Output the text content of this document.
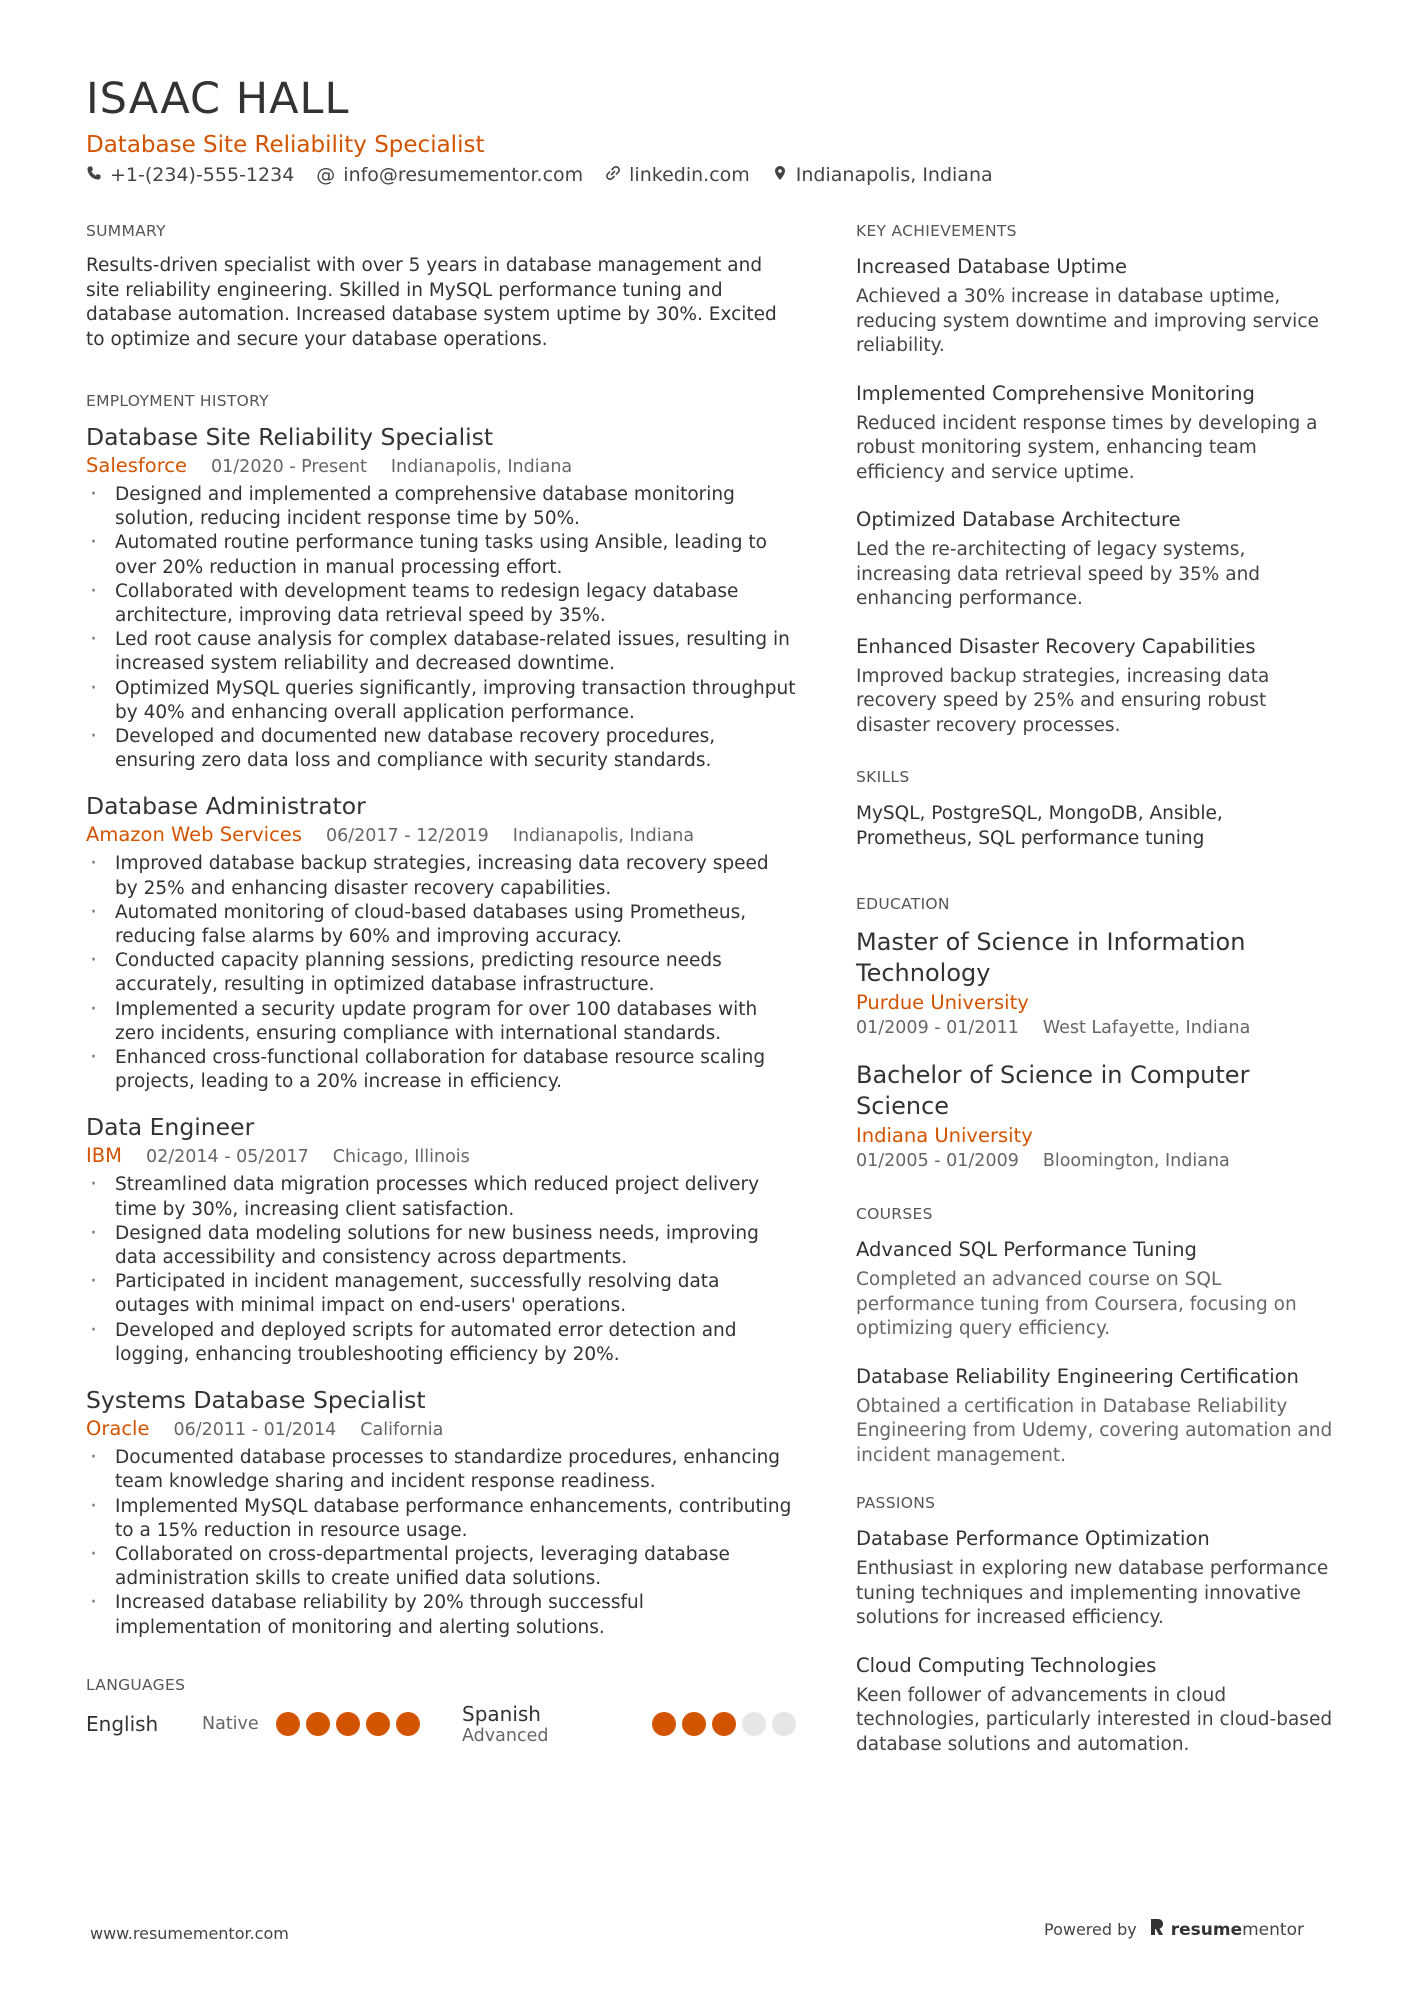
ISAAC HALL
Database Site Reliability Specialist
+1-(234)-555-1234 @ info@resumementor.com linkedin.com Indianapolis, Indiana
SUMMARY

Results-driven specialist with over 5 years in database management and site reliability engineering. Skilled in MySQL performance tuning and database automation. Increased database system uptime by 30%. Excited to optimize and secure your database operations.

EMPLOYMENT HISTORY
Database Site Reliability Specialist
Salesforce 01/2020 - Present Indianapolis, Indiana
· Designed and implemented a comprehensive database monitoring solution, reducing incident response time by 50%.
· Automated routine performance tuning tasks using Ansible, leading to over 20% reduction in manual processing effort.
· Collaborated with development teams to redesign legacy database architecture, improving data retrieval speed by 35%.
· Led root cause analysis for complex database-related issues, resulting in increased system reliability and decreased downtime.
· Optimized MySQL queries significantly, improving transaction throughput by 40% and enhancing overall application performance.
· Developed and documented new database recovery procedures, ensuring zero data loss and compliance with security standards.
Database Administrator
Amazon Web Services 06/2017 - 12/2019 Indianapolis, Indiana
· Improved database backup strategies, increasing data recovery speed by 25% and enhancing disaster recovery capabilities.
· Automated monitoring of cloud-based databases using Prometheus, reducing false alarms by 60% and improving accuracy.
· Conducted capacity planning sessions, predicting resource needs accurately, resulting in optimized database infrastructure.
· Implemented a security update program for over 100 databases with zero incidents, ensuring compliance with international standards.
· Enhanced cross-functional collaboration for database resource scaling projects, leading to a 20% increase in efficiency.
Data Engineer
IBM 02/2014 - 05/2017 Chicago, Illinois
· Streamlined data migration processes which reduced project delivery time by 30%, increasing client satisfaction.
· Designed data modeling solutions for new business needs, improving data accessibility and consistency across departments.
· Participated in incident management, successfully resolving data outages with minimal impact on end-users' operations.
· Developed and deployed scripts for automated error detection and logging, enhancing troubleshooting efficiency by 20%.
Systems Database Specialist
Oracle 06/2011 - 01/2014 California
· Documented database processes to standardize procedures, enhancing team knowledge sharing and incident response readiness.
· Implemented MySQL database performance enhancements, contributing to a 15% reduction in resource usage.
· Collaborated on cross-departmental projects, leveraging database administration skills to create unified data solutions.
· Increased database reliability by 20% through successful implementation of monitoring and alerting solutions.
LANGUAGES
English	Native	Spanish
Advanced
KEY ACHIEVEMENTS
Increased Database Uptime
Achieved a 30% increase in database uptime, reducing system downtime and improving service reliability.
Implemented Comprehensive Monitoring
Reduced incident response times by developing a robust monitoring system, enhancing team efficiency and service uptime.
Optimized Database Architecture
Led the re-architecting of legacy systems, increasing data retrieval speed by 35% and enhancing performance.
Enhanced Disaster Recovery Capabilities
Improved backup strategies, increasing data recovery speed by 25% and ensuring robust disaster recovery processes.
SKILLS

MySQL, PostgreSQL, MongoDB, Ansible, Prometheus, SQL performance tuning

EDUCATION
Master of Science in Information Technology
Purdue University
01/2009 - 01/2011 West Lafayette, Indiana
Bachelor of Science in Computer Science
Indiana University
01/2005 - 01/2009 Bloomington, Indiana
COURSES
Advanced SQL Performance Tuning
Completed an advanced course on SQL performance tuning from Coursera, focusing on optimizing query efficiency.
Database Reliability Engineering Certification
Obtained a certification in Database Reliability Engineering from Udemy, covering automation and incident management.
PASSIONS
Database Performance Optimization
Enthusiast in exploring new database performance tuning techniques and implementing innovative solutions for increased efficiency.
Cloud Computing Technologies
Keen follower of advancements in cloud technologies, particularly interested in cloud-based database solutions and automation.
www.resumementor.com	Powered by resumementor
